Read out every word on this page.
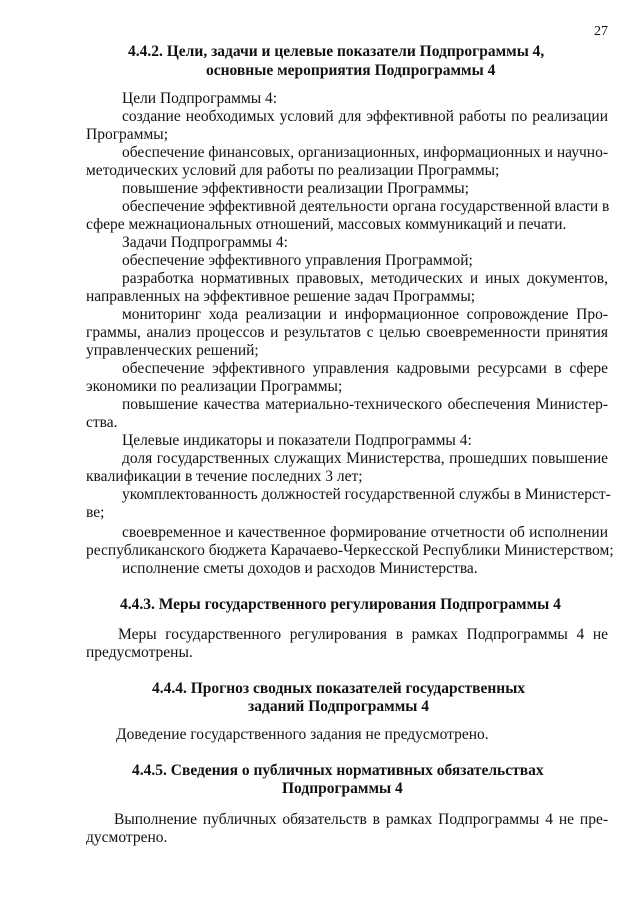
27
4.4.2. Цели, задачи и целевые показатели Подпрограммы 4,
основные мероприятия Подпрограммы 4
Цели Подпрограммы 4:
создание необходимых условий для эффективной работы по реализации
Программы;
обеспечение финансовых, организационных, информационных и научно-
методических условий для работы по реализации Программы;
повышение эффективности реализации Программы;
обеспечение эффективной деятельности органа государственной власти в
сфере межнациональных отношений, массовых коммуникаций и печати.
Задачи Подпрограммы 4:
обеспечение эффективного управления Программой;
разработка нормативных правовых, методических и иных документов,
направленных на эффективное решение задач Программы;
мониторинг хода реализации и информационное сопровождение Про-
граммы, анализ процессов и результатов с целью своевременности принятия
управленческих решений;
обеспечение эффективного управления кадровыми ресурсами в сфере
экономики по реализации Программы;
повышение качества материально-технического обеспечения Министер-
ства.
Целевые индикаторы и показатели Подпрограммы 4:
доля государственных служащих Министерства, прошедших повышение
квалификации в течение последних 3 лет;
укомплектованность должностей государственной службы в Министерст-
ве;
своевременное и качественное формирование отчетности об исполнении
республиканского бюджета Карачаево-Черкесской Республики Министерством;
исполнение сметы доходов и расходов Министерства.
4.4.3. Меры государственного регулирования Подпрограммы 4
Меры государственного регулирования в рамках Подпрограммы 4 не
предусмотрены.
4.4.4. Прогноз сводных показателей государственных
заданий Подпрограммы 4
Доведение государственного задания не предусмотрено.
4.4.5. Сведения о публичных нормативных обязательствах
Подпрограммы 4
Выполнение публичных обязательств в рамках Подпрограммы 4 не пре-
дусмотрено.
